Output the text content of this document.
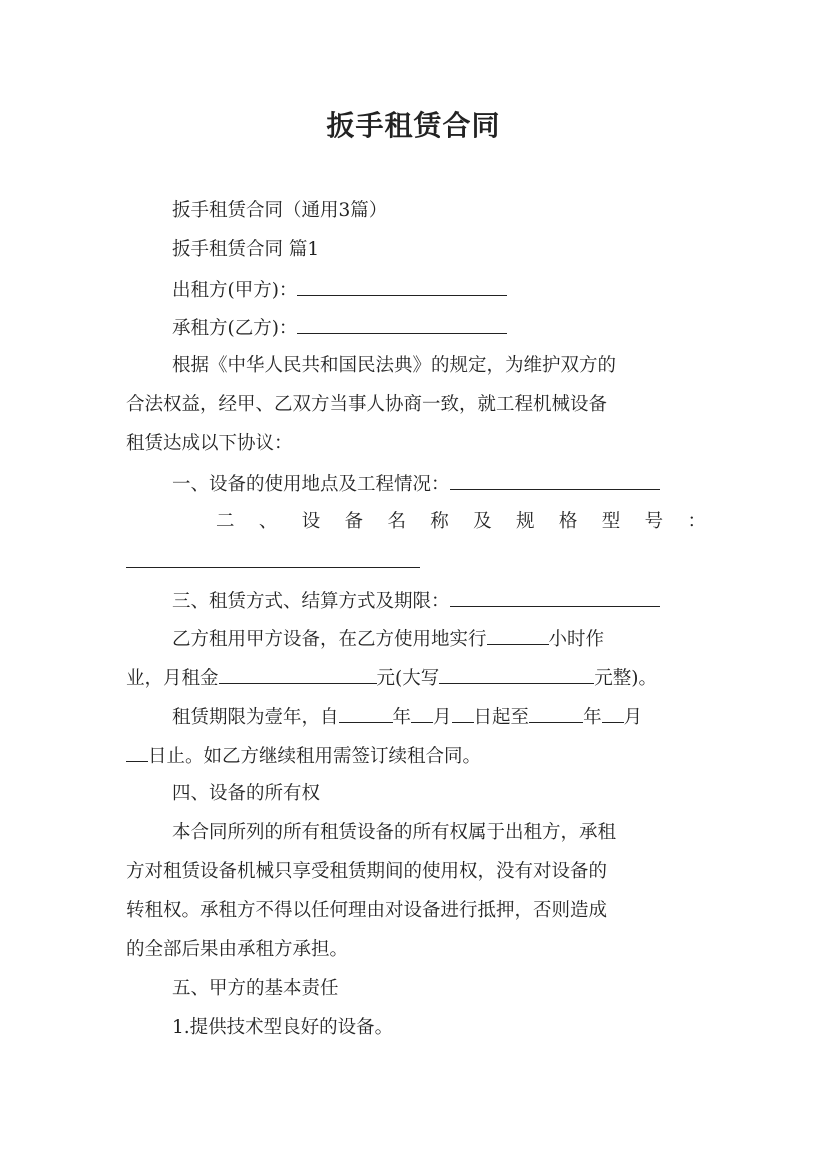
扳手租赁合同
扳手租赁合同（通用3篇）
扳手租赁合同 篇1
出租方(甲方)：
承租方(乙方)：
根据《中华人民共和国民法典》的规定，为维护双方的
合法权益，经甲、乙双方当事人协商一致，就工程机械设备
租赁达成以下协议：
一、设备的使用地点及工程情况：
二 、 设 备 名 称 及 规 格 型 号 ：
三、租赁方式、结算方式及期限：
乙方租用甲方设备，在乙方使用地实行	小时作
业，月租金	元(大写	元整)。
租赁期限为壹年，自	年 月 日起至	年 月
日止。如乙方继续租用需签订续租合同。
四、设备的所有权
本合同所列的所有租赁设备的所有权属于出租方，承租
方对租赁设备机械只享受租赁期间的使用权，没有对设备的
转租权。承租方不得以任何理由对设备进行抵押，否则造成
的全部后果由承租方承担。
五、甲方的基本责任
1.提供技术型良好的设备。
